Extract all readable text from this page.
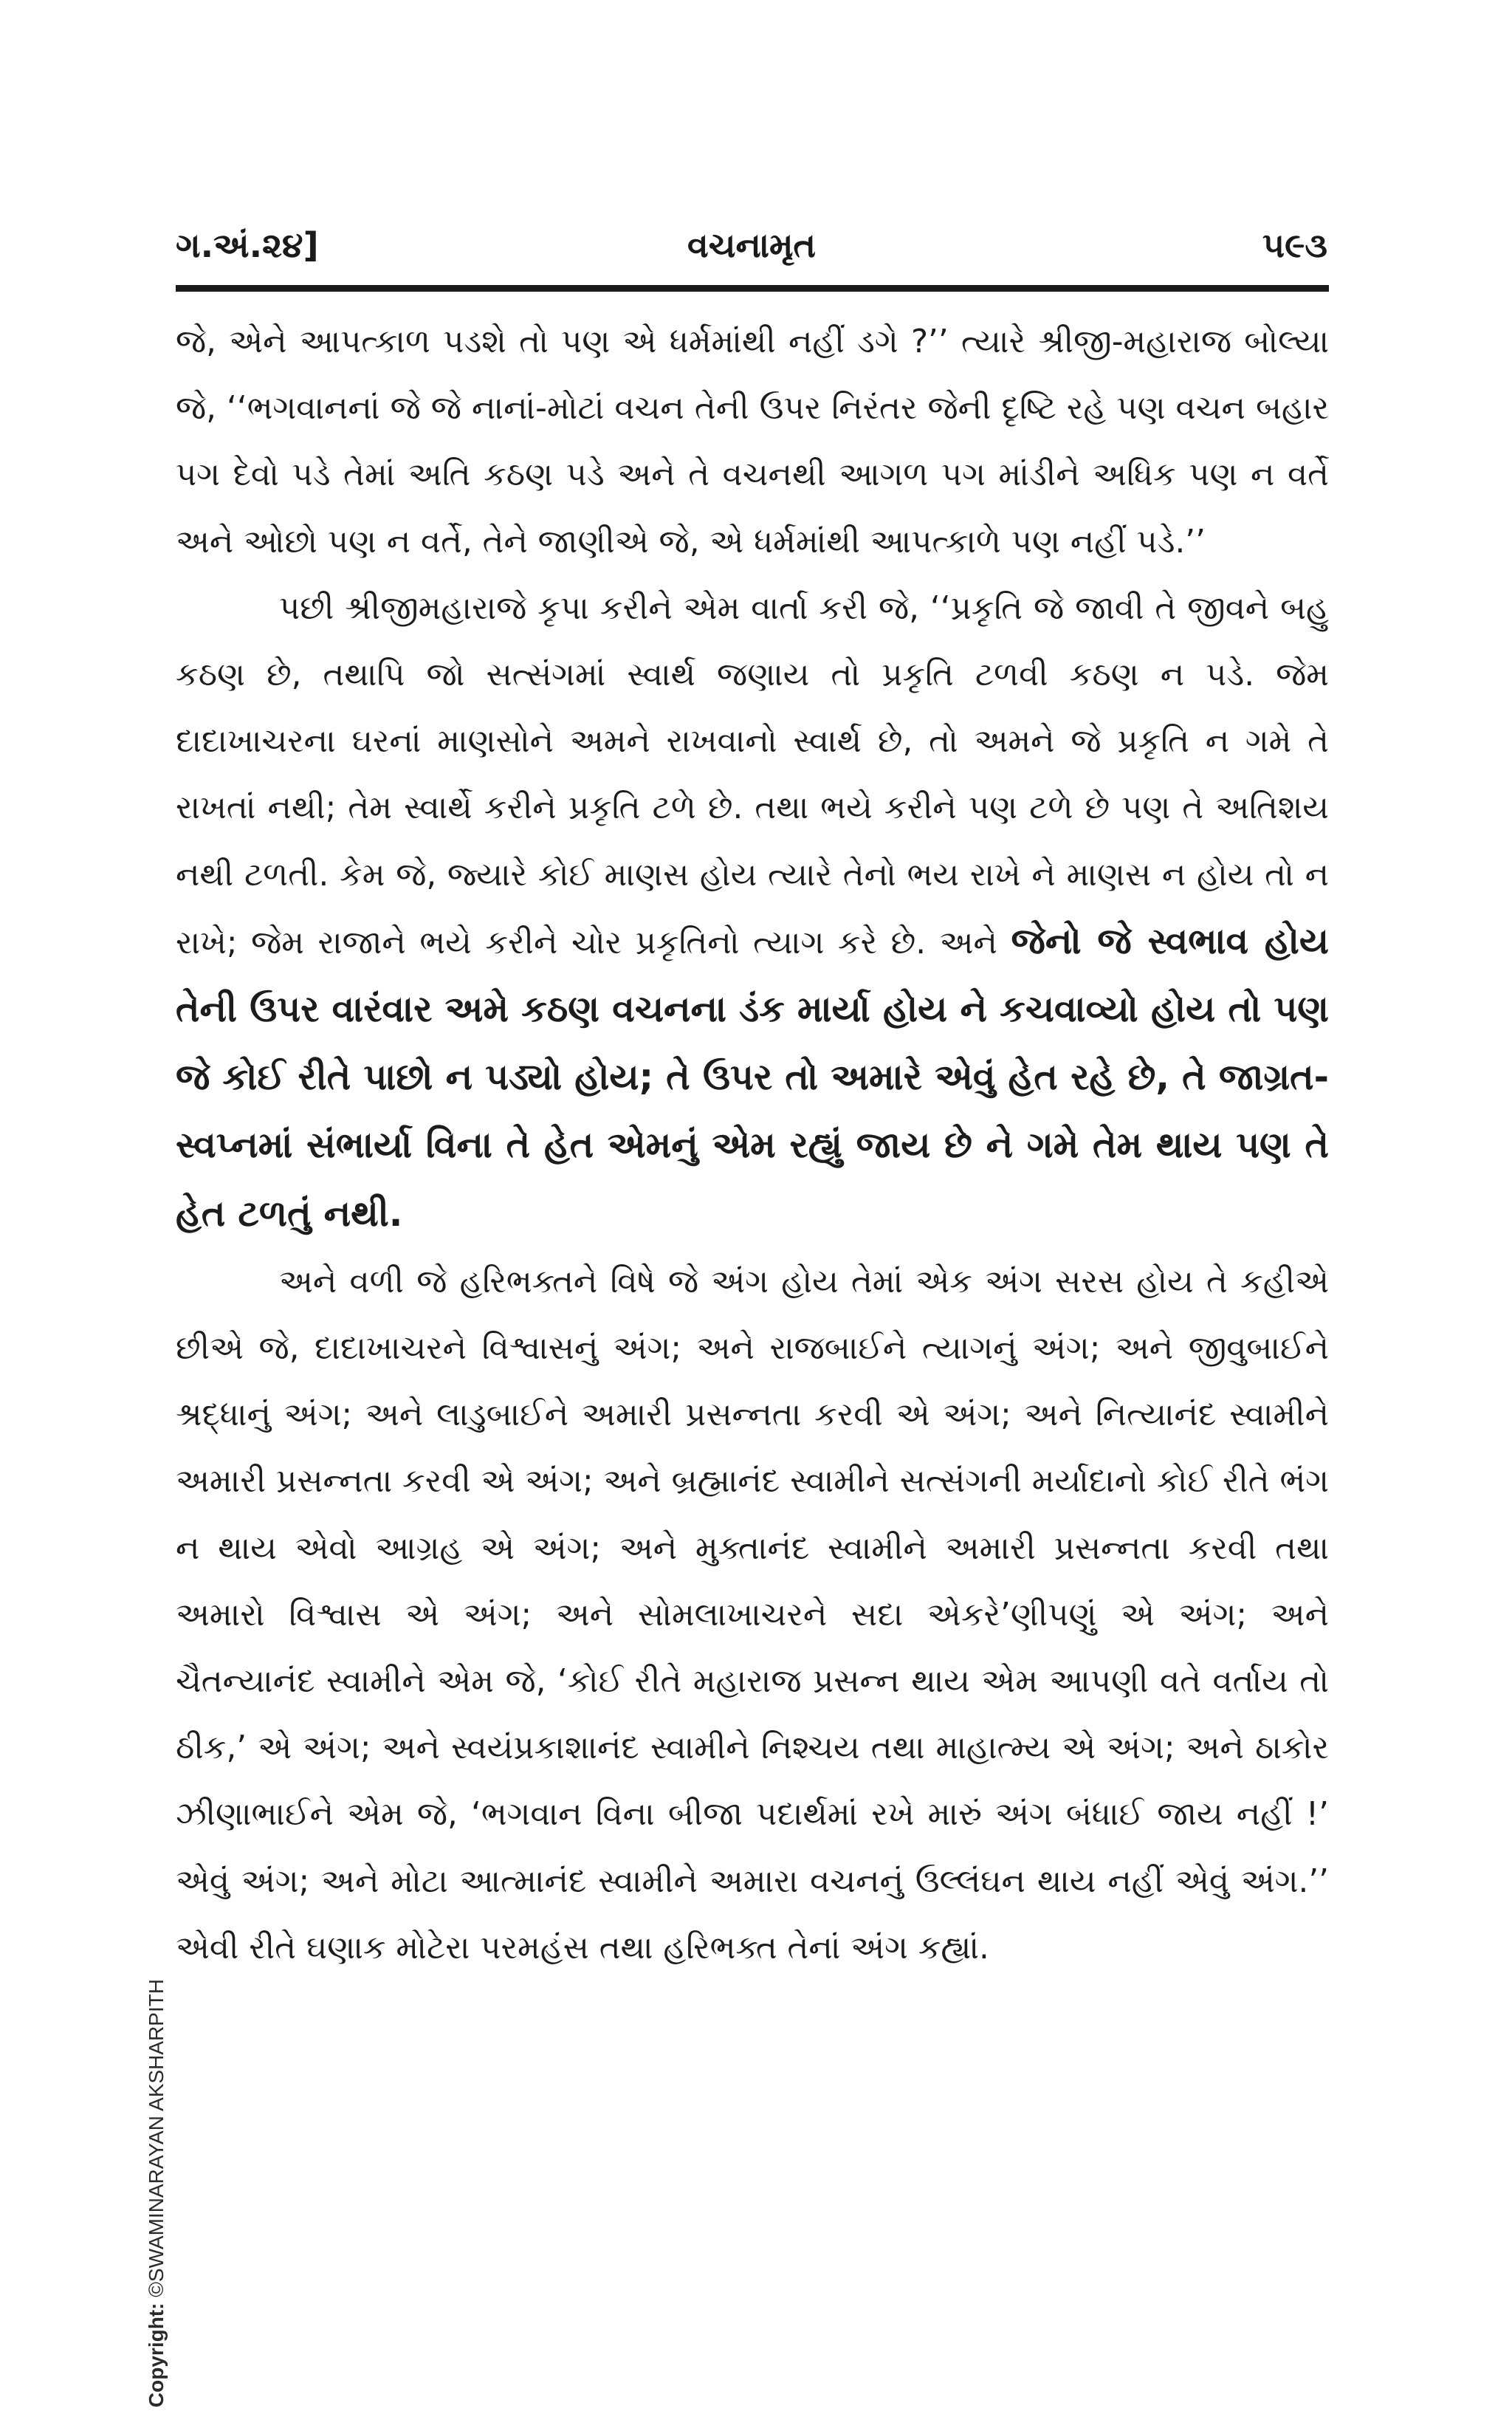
ગ.અં.૨૪]	વચનામૃત	૫૯૩

જે, એને આપત્કાળ પડશે તો પણ એ ધર્મમાંથી નહીં ડગે ?’’ ત્યારે શ્રીજી-મહારાજ બોલ્યા જે, ‘‘ભગવાનનાં જે જે નાનાં-મોટાં વચન તેની ઉપર નિરંતર જેની દૃષ્ટિ રહે પણ વચન બહાર પગ દેવો પડે તેમાં અતિ કઠણ પડે અને તે વચનથી આગળ પગ માંડીને અધિક પણ ન વર્તે અને ઓછો પણ ન વર્તે, તેને જાણીએ જે, એ ધર્મમાંથી આપત્કાળે પણ નહીં પડે.’’

પછી શ્રીજીમહારાજે કૃપા કરીને એમ વાર્તા કરી જે, ‘‘પ્રકૃતિ જે જાવી તે જીવને બહુ કઠણ છે, તથાપિ જો સત્સંગમાં સ્વાર્થ જણાય તો પ્રકૃતિ ટળવી કઠણ ન પડે. જેમ દાદાખાચરના ઘરનાં માણસોને અમને રાખવાનો સ્વાર્થ છે, તો અમને જે પ્રકૃતિ ન ગમે તે રાખતાં નથી; તેમ સ્વાર્થે કરીને પ્રકૃતિ ટળે છે. તથા ભયે કરીને પણ ટળે છે પણ તે અતિશય નથી ટળતી. કેમ જે, જ્યારે કોઈ માણસ હોય ત્યારે તેનો ભય રાખે ને માણસ ન હોય તો ન રાખે; જેમ રાજાને ભયે કરીને ચોર પ્રકૃતિનો ત્યાગ કરે છે. અને જેનો જે સ્વભાવ હોય તેની ઉપર વારંવાર અમે કઠણ વચનના ડંક માર્યા હોય ને કચવાવ્યો હોય તો પણ જે કોઈ રીતે પાછો ન પડ્યો હોય; તે ઉપર તો અમારે એવું હેત રહે છે, તે જાગ્રત-સ્વપ્નમાં સંભાર્યા વિના તે હેત એમનું એમ રહ્યું જાય છે ને ગમે તેમ થાય પણ તે હેત ટળતું નથી.

અને વળી જે હરિભક્તને વિષે જે અંગ હોય તેમાં એક અંગ સરસ હોય તે કહીએ છીએ જે, દાદાખાચરને વિશ્વાસનું અંગ; અને રાજબાઈને ત્યાગનું અંગ; અને જીવુબાઈને શ્રદ્ધાનું અંગ; અને લાડુબાઈને અમારી પ્રસન્નતા કરવી એ અંગ; અને નિત્યાનંદ સ્વામીને અમારી પ્રસન્નતા કરવી એ અંગ; અને બ્રહ્માનંદ સ્વામીને સત્સંગની મર્યાદાનો કોઈ રીતે ભંગ ન થાય એવો આગ્રહ એ અંગ; અને મુક્તાનંદ સ્વામીને અમારી પ્રસન્નતા કરવી તથા અમારો વિશ્વાસ એ અંગ; અને સોમલાખાચરને સદા એકરે’ણીપણું એ અંગ; અને ચૈતન્યાનંદ સ્વામીને એમ જે, ‘કોઈ રીતે મહારાજ પ્રસન્ન થાય એમ આપણી વતે વર્તાય તો ઠીક,’ એ અંગ; અને સ્વયંપ્રકાશાનંદ સ્વામીને નિશ્ચય તથા માહાત્મ્ય એ અંગ; અને ઠાકોર ઝીણાભાઈને એમ જે, ‘ભગવાન વિના બીજા પદાર્થમાં રખે મારું અંગ બંધાઈ જાય નહીં !’ એવું અંગ; અને મોટા આત્માનંદ સ્વામીને અમારા વચનનું ઉલ્લંઘન થાય નહીં એવું અંગ.’’ એવી રીતે ઘણાક મોટેરા પરમહંસ તથા હરિભક્ત તેનાં અંગ કહ્યાં.

Copyright: ©SWAMINARAYAN AKSHARPITH
